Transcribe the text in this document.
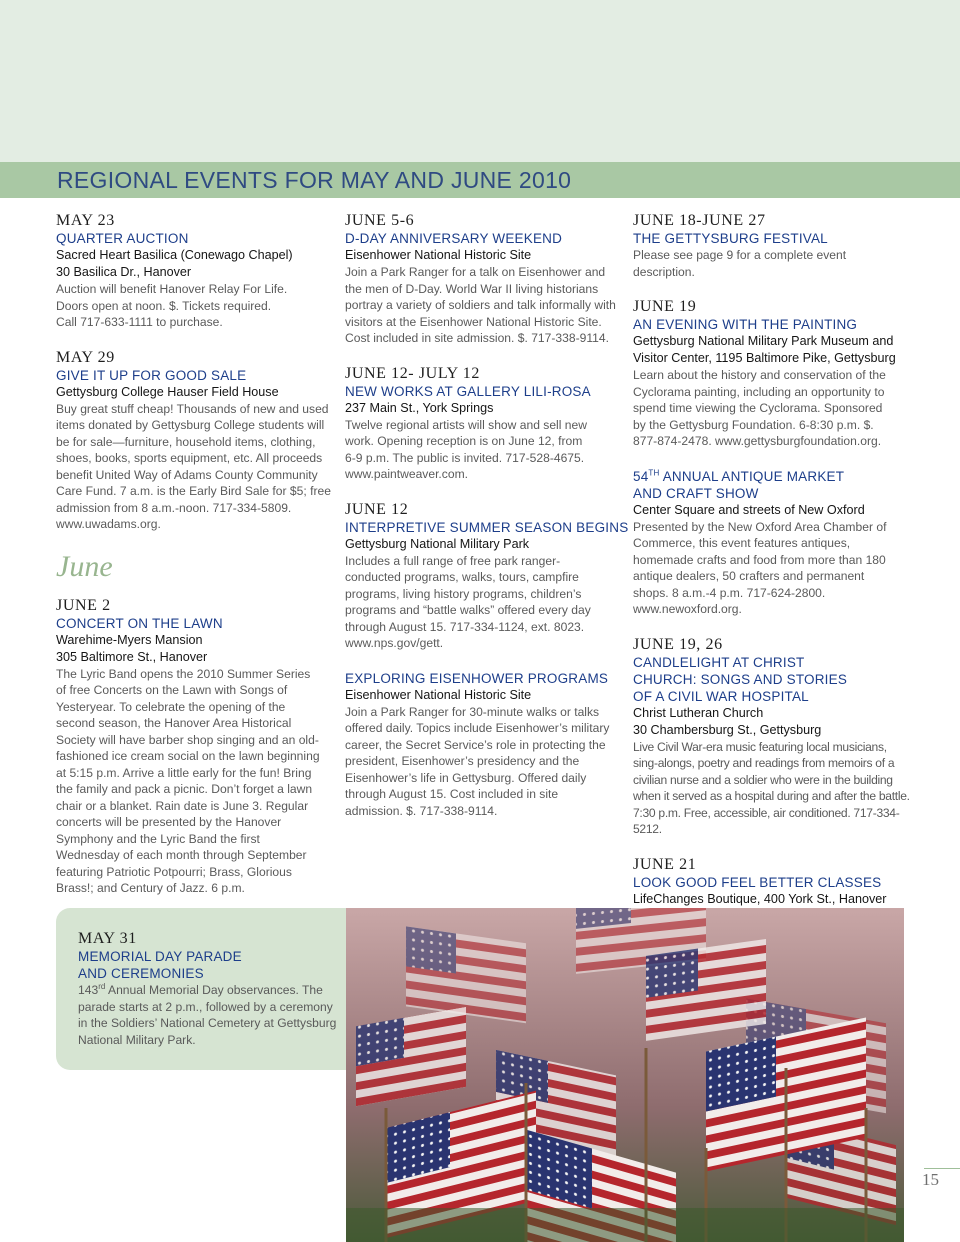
REGIONAL EVENTS FOR MAY AND JUNE 2010
MAY 23
QUARTER AUCTION
Sacred Heart Basilica (Conewago Chapel)
30 Basilica Dr., Hanover
Auction will benefit Hanover Relay For Life. Doors open at noon. $. Tickets required. Call 717-633-1111 to purchase.
MAY 29
GIVE IT UP FOR GOOD SALE
Gettysburg College Hauser Field House
Buy great stuff cheap! Thousands of new and used items donated by Gettysburg College students will be for sale—furniture, household items, clothing, shoes, books, sports equipment, etc. All proceeds benefit United Way of Adams County Community Care Fund. 7 a.m. is the Early Bird Sale for $5; free admission from 8 a.m.-noon. 717-334-5809. www.uwadams.org.
June
JUNE 2
CONCERT ON THE LAWN
Warehime-Myers Mansion
305 Baltimore St., Hanover
The Lyric Band opens the 2010 Summer Series of free Concerts on the Lawn with Songs of Yesteryear. To celebrate the opening of the second season, the Hanover Area Historical Society will have barber shop singing and an old-fashioned ice cream social on the lawn beginning at 5:15 p.m. Arrive a little early for the fun! Bring the family and pack a picnic. Don’t forget a lawn chair or a blanket. Rain date is June 3. Regular concerts will be presented by the Hanover Symphony and the Lyric Band the first Wednesday of each month through September featuring Patriotic Potpourri; Brass, Glorious Brass!; and Century of Jazz. 6 p.m.
JUNE 5-6
D-DAY ANNIVERSARY WEEKEND
Eisenhower National Historic Site
Join a Park Ranger for a talk on Eisenhower and the men of D-Day. World War II living historians portray a variety of soldiers and talk informally with visitors at the Eisenhower National Historic Site. Cost included in site admission. $. 717-338-9114.
JUNE 12- JULY 12
NEW WORKS AT GALLERY LILI-ROSA
237 Main St., York Springs
Twelve regional artists will show and sell new work. Opening reception is on June 12, from 6-9 p.m. The public is invited. 717-528-4675. www.paintweaver.com.
JUNE 12
INTERPRETIVE SUMMER SEASON BEGINS
Gettysburg National Military Park
Includes a full range of free park ranger-conducted programs, walks, tours, campfire programs, living history programs, children’s programs and “battle walks” offered every day through August 15. 717-334-1124, ext. 8023. www.nps.gov/gett.
EXPLORING EISENHOWER PROGRAMS
Eisenhower National Historic Site
Join a Park Ranger for 30-minute walks or talks offered daily. Topics include Eisenhower’s military career, the Secret Service’s role in protecting the president, Eisenhower’s presidency and the Eisenhower’s life in Gettysburg. Offered daily through August 15. Cost included in site admission. $. 717-338-9114.
JUNE 18-JUNE 27
THE GETTYSBURG FESTIVAL
Please see page 9 for a complete event description.
JUNE 19
AN EVENING WITH THE PAINTING
Gettysburg National Military Park Museum and
Visitor Center, 1195 Baltimore Pike, Gettysburg
Learn about the history and conservation of the Cyclorama painting, including an opportunity to spend time viewing the Cyclorama. Sponsored by the Gettysburg Foundation. 6-8:30 p.m. $. 877-874-2478. www.gettysburgfoundation.org.
54TH ANNUAL ANTIQUE MARKET
AND CRAFT SHOW
Center Square and streets of New Oxford
Presented by the New Oxford Area Chamber of Commerce, this event features antiques, homemade crafts and food from more than 180 antique dealers, 50 crafters and permanent shops. 8 a.m.-4 p.m. 717-624-2800. www.newoxford.org.
JUNE 19, 26
CANDLELIGHT AT CHRIST
CHURCH: SONGS AND STORIES
OF A CIVIL WAR HOSPITAL
Christ Lutheran Church
30 Chambersburg St., Gettysburg
Live Civil War-era music featuring local musicians, sing-alongs, poetry and readings from memoirs of a civilian nurse and a soldier who were in the building when it served as a hospital during and after the battle. 7:30 p.m. Free, accessible, air conditioned. 717-334-5212.
JUNE 21
LOOK GOOD FEEL BETTER CLASSES
LifeChanges Boutique, 400 York St., Hanover
MAY 31
MEMORIAL DAY PARADE
AND CEREMONIES
143rd Annual Memorial Day observances. The parade starts at 2 p.m., followed by a ceremony in the Soldiers’ National Cemetery at Gettysburg National Military Park.
15
